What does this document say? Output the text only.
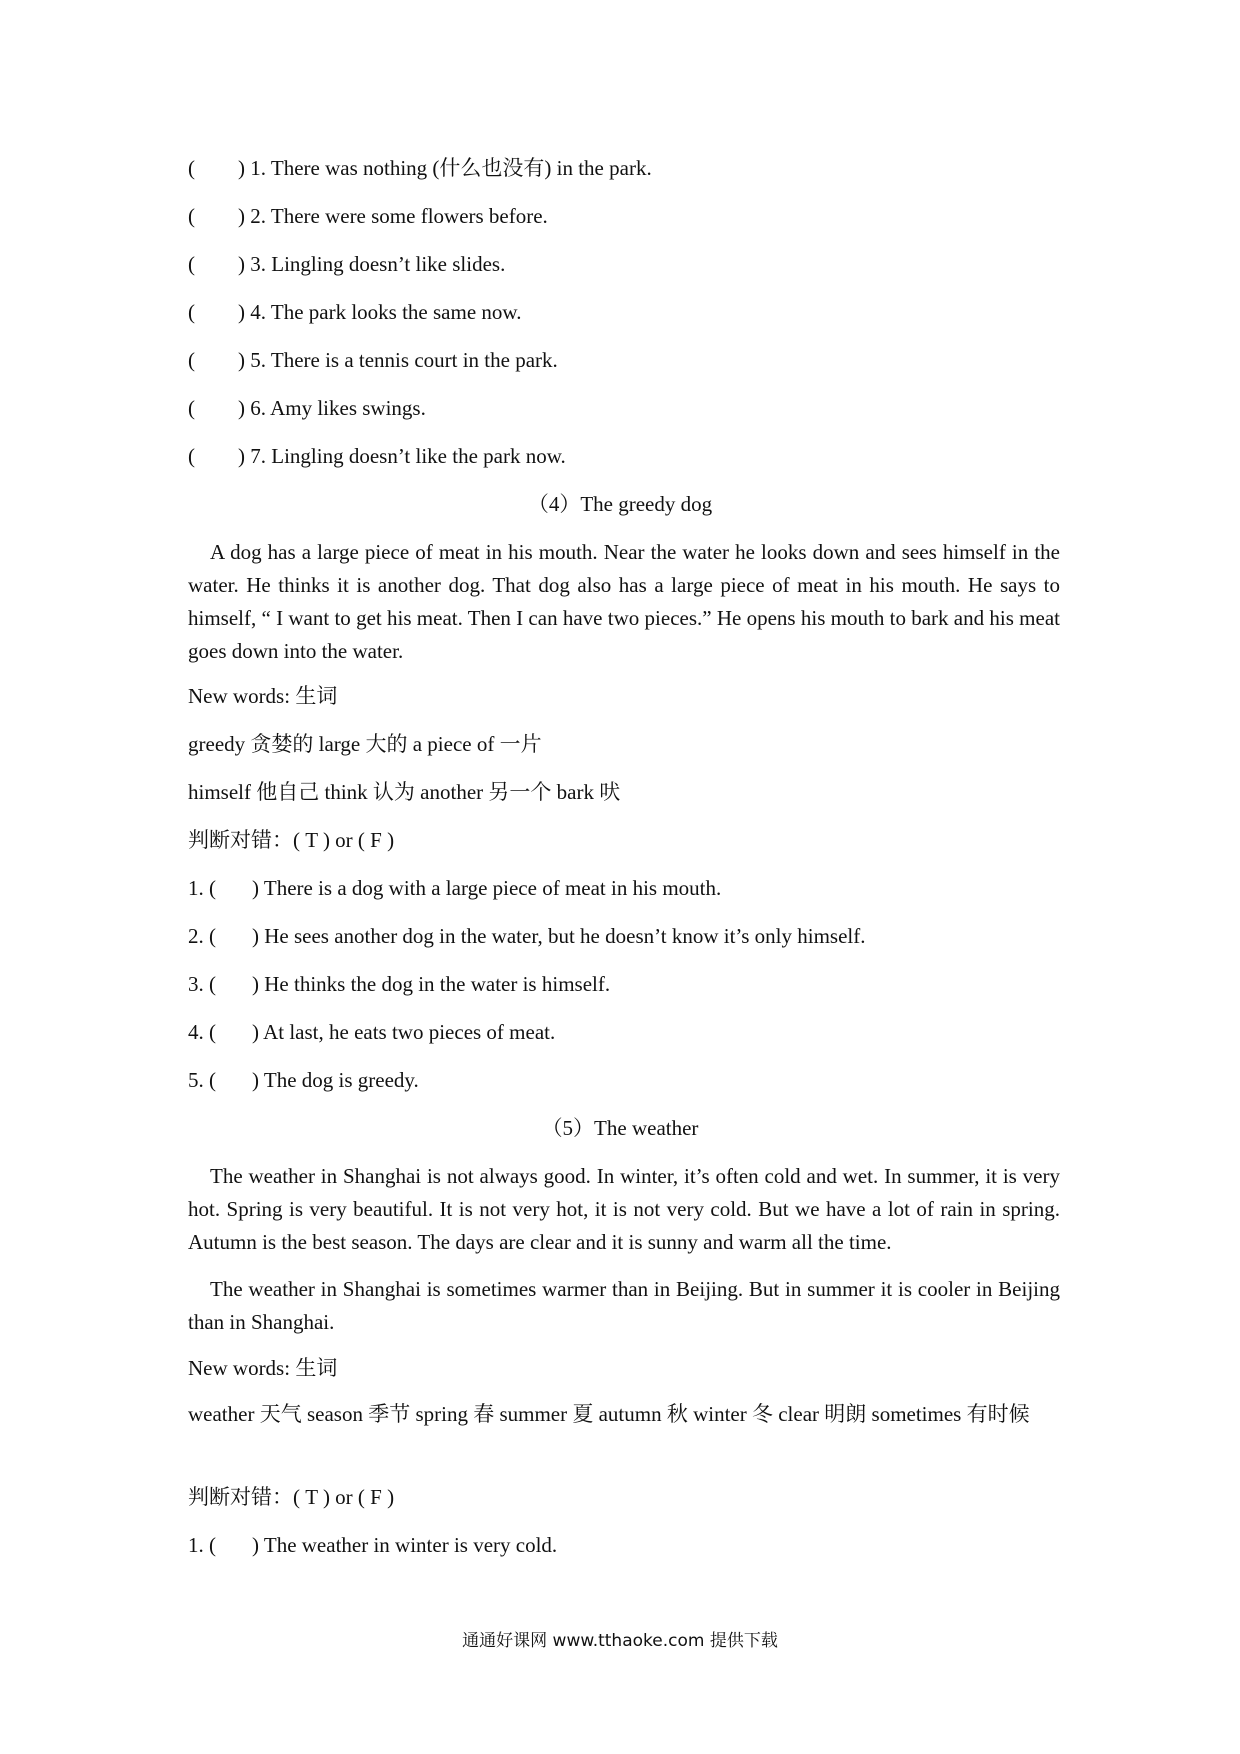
( ) 1. There was nothing (什么也没有) in the park.
( ) 2. There were some flowers before.
( ) 3. Lingling doesn’t like slides.
( ) 4. The park looks the same now.
( ) 5. There is a tennis court in the park.
( ) 6. Amy likes swings.
( ) 7. Lingling doesn’t like the park now.
（4）The greedy dog
A dog has a large piece of meat in his mouth. Near the water he looks down and sees himself in the water. He thinks it is another dog. That dog also has a large piece of meat in his mouth. He says to himself, “ I want to get his meat. Then I can have two pieces.” He opens his mouth to bark and his meat goes down into the water.
New words: 生词
greedy 贪婪的 large 大的 a piece of 一片
himself 他自己 think 认为 another 另一个 bark 吠
判断对错：( T ) or ( F )
1. ( ) There is a dog with a large piece of meat in his mouth.
2. ( ) He sees another dog in the water, but he doesn’t know it’s only himself.
3. ( ) He thinks the dog in the water is himself.
4. ( ) At last, he eats two pieces of meat.
5. ( ) The dog is greedy.
（5）The weather
The weather in Shanghai is not always good. In winter, it’s often cold and wet. In summer, it is very hot. Spring is very beautiful. It is not very hot, it is not very cold. But we have a lot of rain in spring. Autumn is the best season. The days are clear and it is sunny and warm all the time.
The weather in Shanghai is sometimes warmer than in Beijing. But in summer it is cooler in Beijing than in Shanghai.
New words: 生词
weather 天气 season 季节 spring 春 summer 夏 autumn 秋 winter 冬 clear 明朗 sometimes 有时候
判断对错：( T ) or ( F )
1. ( ) The weather in winter is very cold.
通通好课网 www.tthaoke.com 提供下载
